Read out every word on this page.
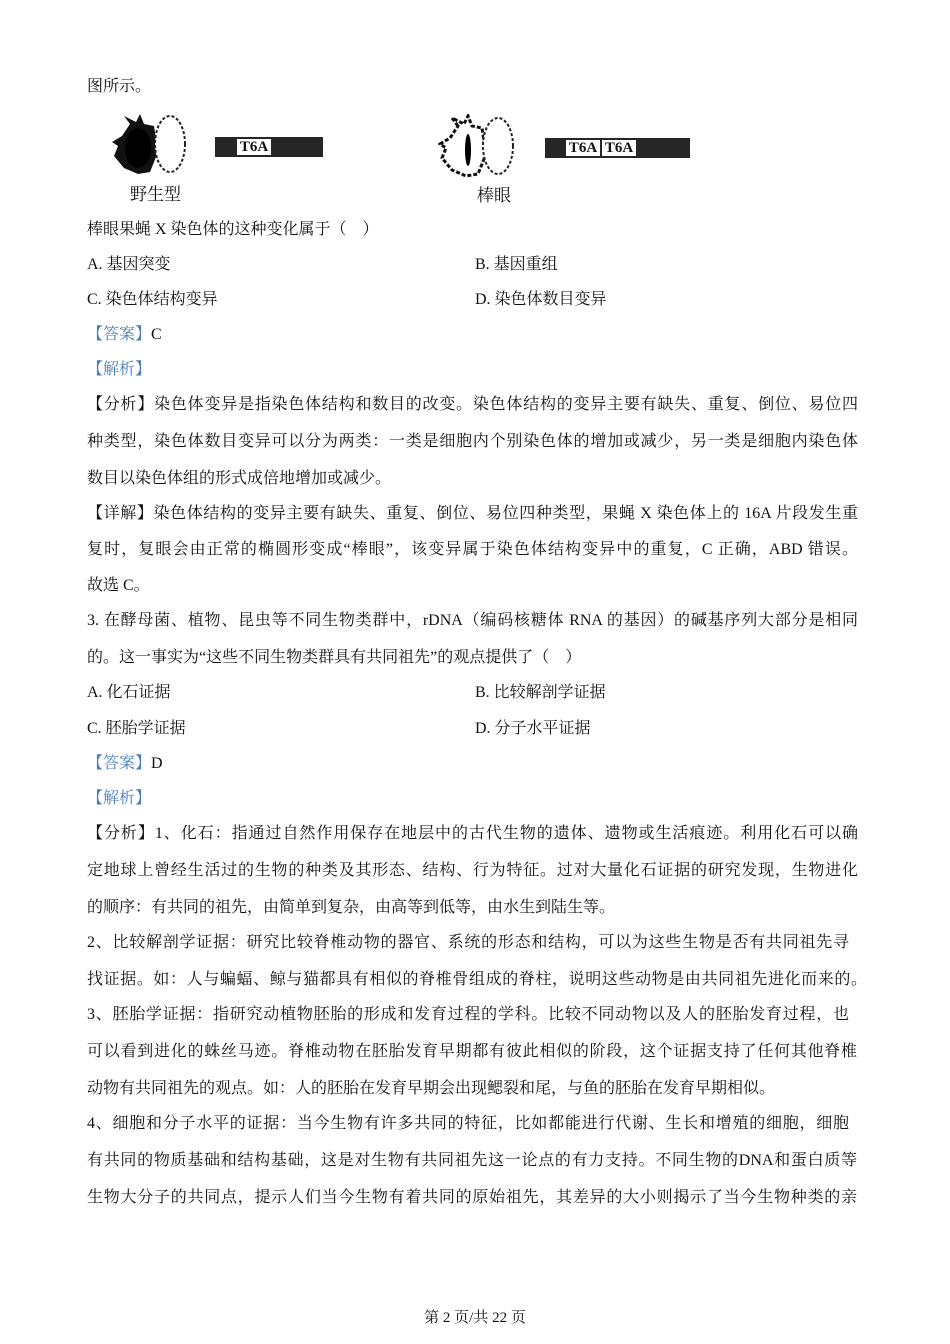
图所示。
野生型
T6A
棒眼
T6A T6A
棒眼果蝇 X 染色体的这种变化属于（　）
A. 基因突变	B. 基因重组
C. 染色体结构变异	D. 染色体数目变异
【答案】C
【解析】
【分析】染色体变异是指染色体结构和数目的改变。染色体结构的变异主要有缺失、重复、倒位、易位四
种类型，染色体数目变异可以分为两类：一类是细胞内个别染色体的增加或减少，另一类是细胞内染色体
数目以染色体组的形式成倍地增加或减少。
【详解】染色体结构的变异主要有缺失、重复、倒位、易位四种类型，果蝇 X 染色体上的 16A 片段发生重
复时，复眼会由正常的椭圆形变成“棒眼”，该变异属于染色体结构变异中的重复，C 正确，ABD 错误。
故选 C。
3. 在酵母菌、植物、昆虫等不同生物类群中，rDNA（编码核糖体 RNA 的基因）的碱基序列大部分是相同
的。这一事实为“这些不同生物类群具有共同祖先”的观点提供了（　）
A. 化石证据	B. 比较解剖学证据
C. 胚胎学证据	D. 分子水平证据
【答案】D
【解析】
【分析】1、化石：指通过自然作用保存在地层中的古代生物的遗体、遗物或生活痕迹。利用化石可以确
定地球上曾经生活过的生物的种类及其形态、结构、行为特征。过对大量化石证据的研究发现，生物进化
的顺序：有共同的祖先，由简单到复杂，由高等到低等，由水生到陆生等。
2、比较解剖学证据：研究比较脊椎动物的器官、系统的形态和结构，可以为这些生物是否有共同祖先寻
找证据。如：人与蝙蝠、鲸与猫都具有相似的脊椎骨组成的脊柱，说明这些动物是由共同祖先进化而来的。
3、胚胎学证据：指研究动植物胚胎的形成和发育过程的学科。比较不同动物以及人的胚胎发育过程，也
可以看到进化的蛛丝马迹。脊椎动物在胚胎发育早期都有彼此相似的阶段，这个证据支持了任何其他脊椎
动物有共同祖先的观点。如：人的胚胎在发育早期会出现鳃裂和尾，与鱼的胚胎在发育早期相似。
4、细胞和分子水平的证据：当今生物有许多共同的特征，比如都能进行代谢、生长和增殖的细胞，细胞
有共同的物质基础和结构基础，这是对生物有共同祖先这一论点的有力支持。不同生物的DNA和蛋白质等
生物大分子的共同点，提示人们当今生物有着共同的原始祖先，其差异的大小则揭示了当今生物种类的亲
第 2 页/共 22 页
